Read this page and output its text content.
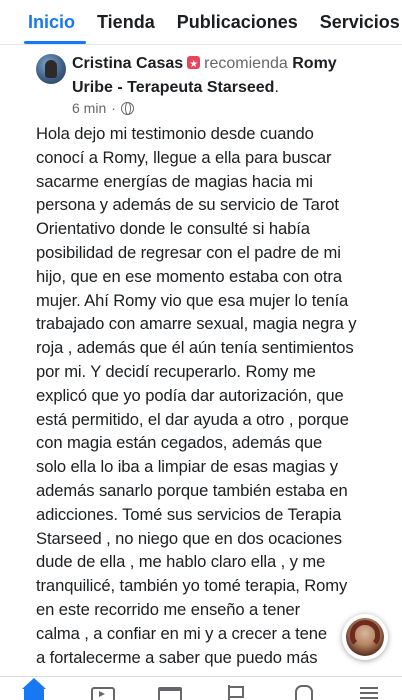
Inicio Tienda Publicaciones Servicios
Cristina Casas★ recomienda Romy
Uribe - Terapeuta Starseed.
6 min ·
Hola dejo mi testimonio desde cuando
conocí a Romy, llegue a ella para buscar
sacarme energías de magias hacia mi
persona y además de su servicio de Tarot
Orientativo donde le consulté si había
posibilidad de regresar con el padre de mi
hijo, que en ese momento estaba con otra
mujer. Ahí Romy vio que esa mujer lo tenía
trabajado con amarre sexual, magia negra y
roja , además que él aún tenía sentimientos
por mi. Y decidí recuperarlo. Romy me
explicó que yo podía dar autorización, que
está permitido, el dar ayuda a otro , porque
con magia están cegados, además que
solo ella lo iba a limpiar de esas magias y
además sanarlo porque también estaba en
adicciones. Tomé sus servicios de Terapia
Starseed , no niego que en dos ocaciones
dude de ella , me hablo claro ella , y me
tranquilicé, también yo tomé terapia, Romy
en este recorrido me enseño a tener
calma , a confiar en mi y a crecer a tene
a fortalecerme a saber que puedo más
